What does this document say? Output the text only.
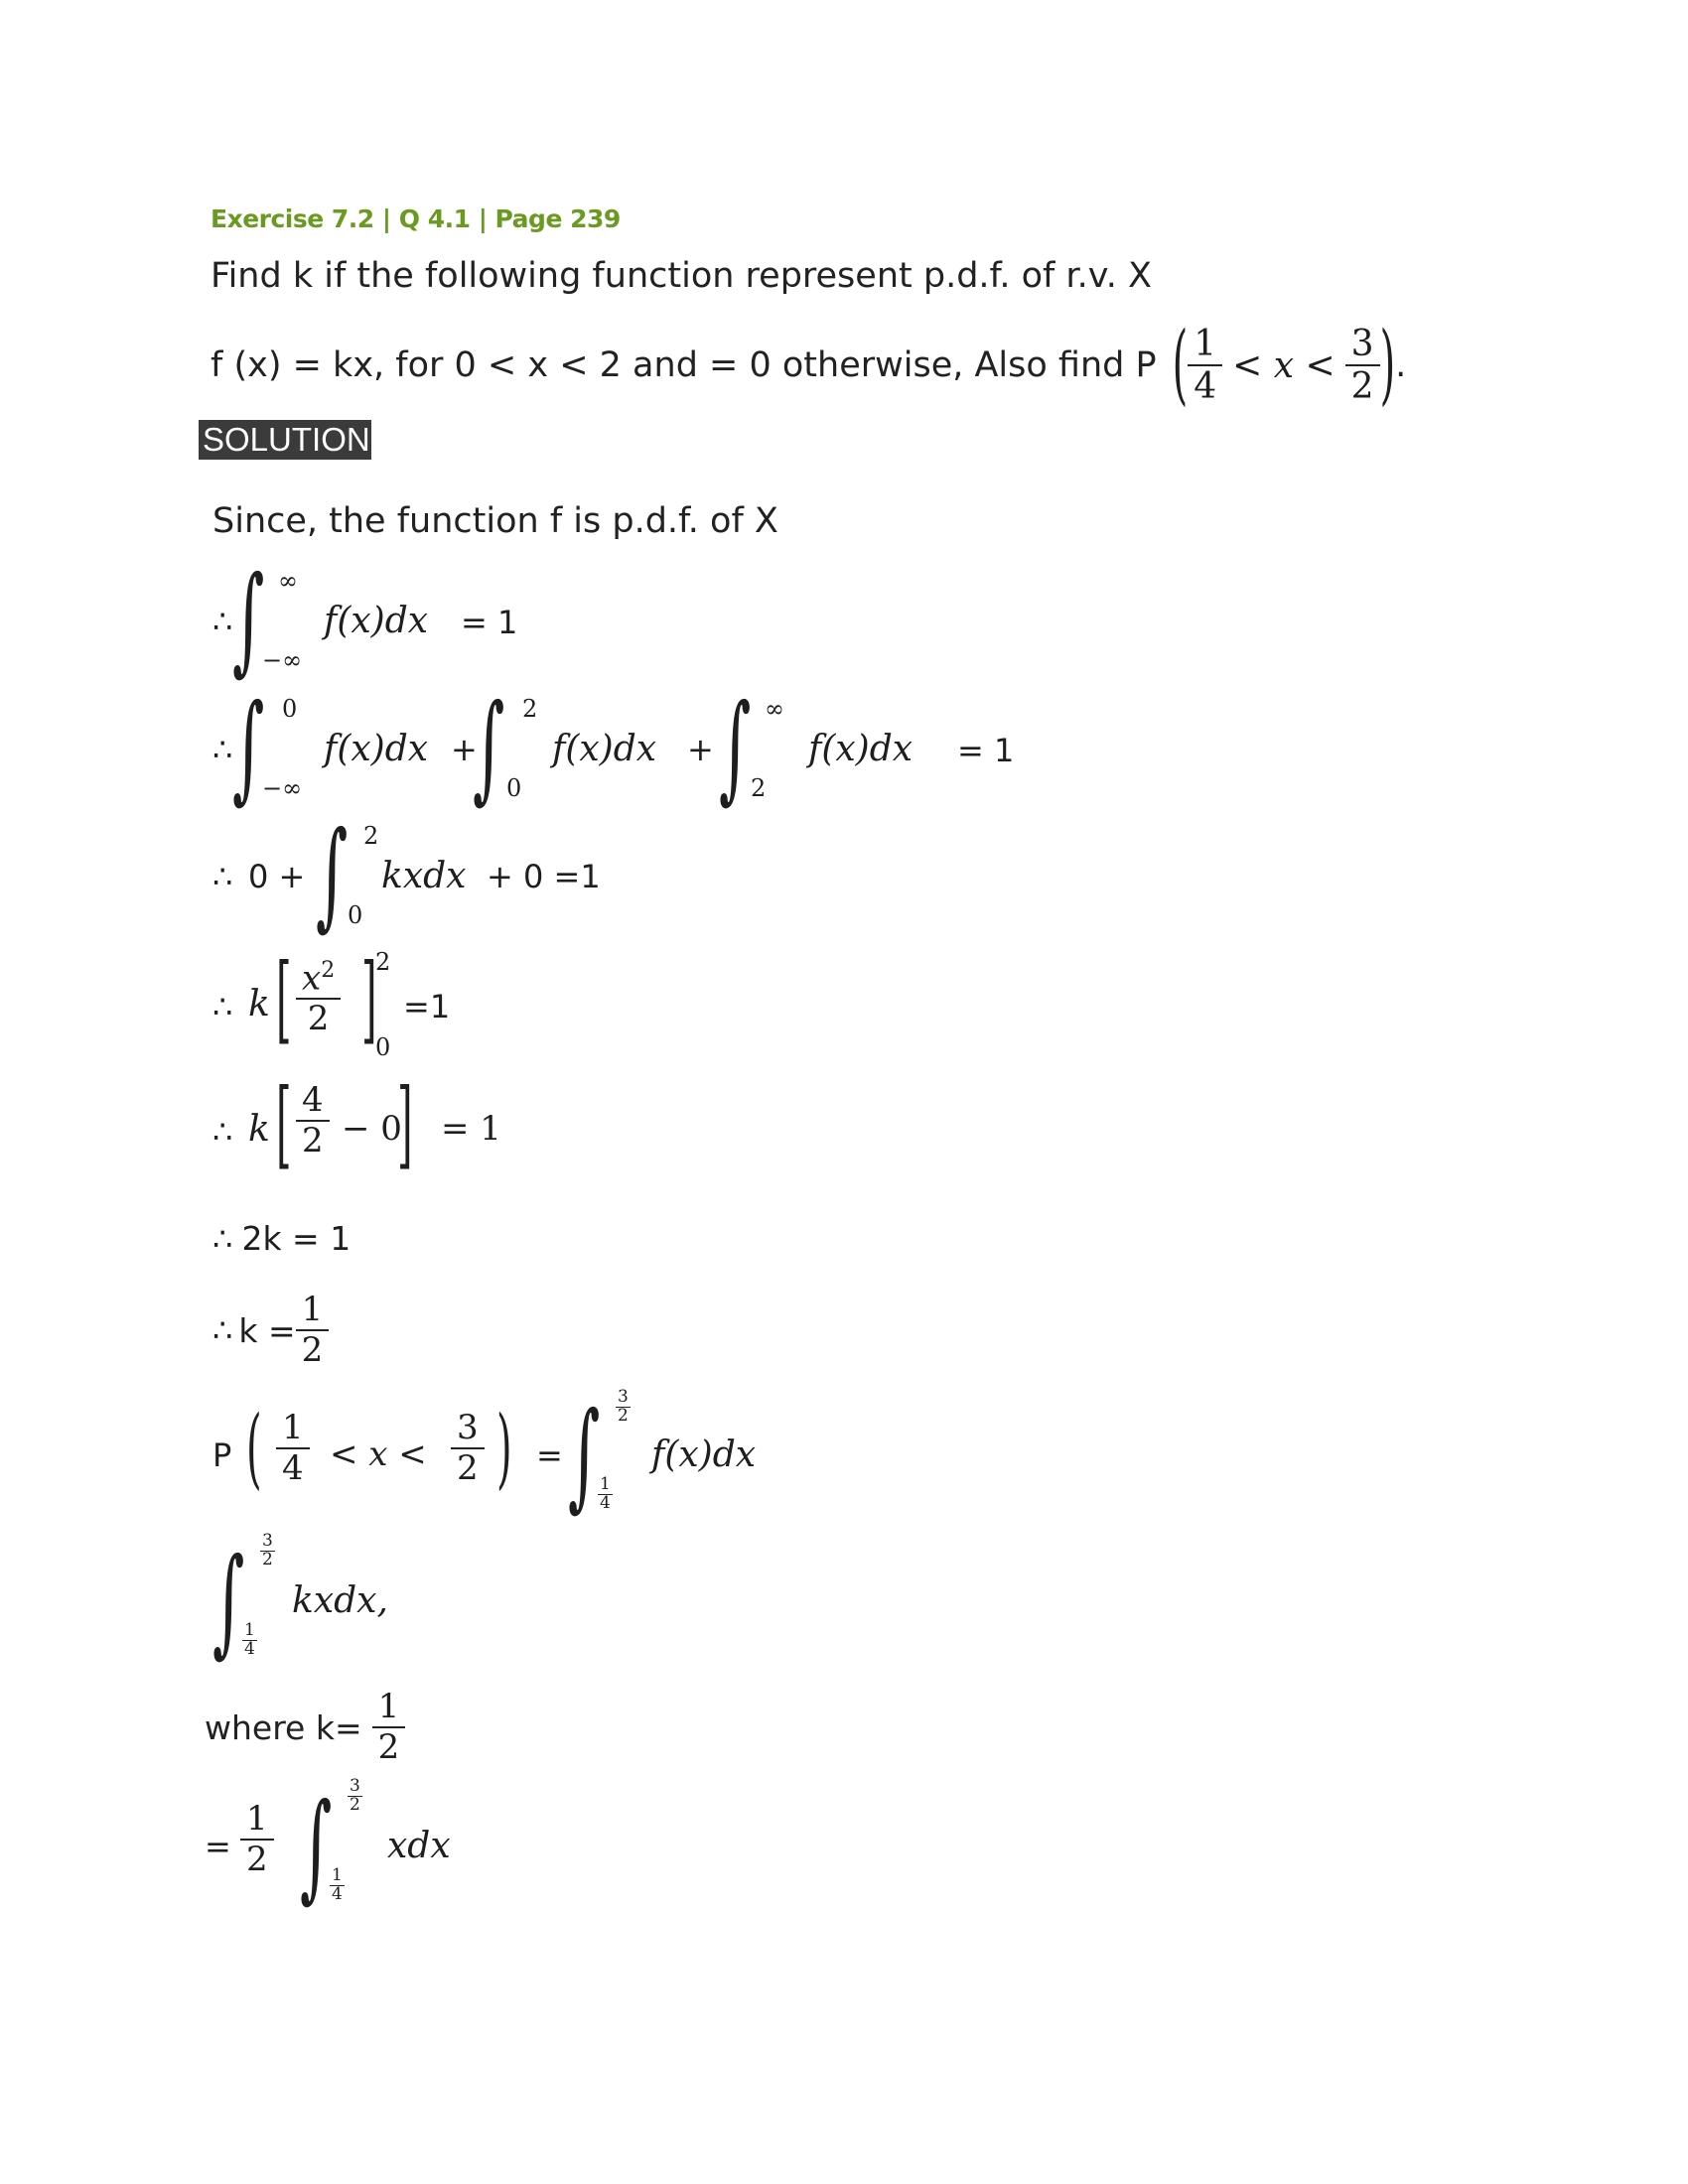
Exercise 7.2 | Q 4.1 | Page 239
Find k if the following function represent p.d.f. of r.v. X
f (x) = kx, for 0 < x < 2 and = 0 otherwise, Also find P ( $\frac{1}{4} < x < \frac{3}{2}$ ) .
SOLUTION
Since, the function f is p.d.f. of X
∴ ∫ ∞
−∞
f(x)dx = 1
∴ ∫ 0
−∞
f(x)dx +
∫ 2
0
f(x)dx + ∫ ∞
2
f(x)dx = 1
∴ 0 + ∫ 2
0
kxdx + 0 =1
∴ k [ $\frac{x^2}{2}$ ]
2
0
=1
∴ k [ $\frac{4}{2} - 0$
] = 1
∴ 2k = 1
∴ $k = \frac{1}{2}$
P ( $\frac{1}{4} < x < \frac{3}{2}$ ) = ∫ $\frac{3}{2}$
$\frac{1}{4}$
f(x)dx
∫ $\frac{3}{2}$
$\frac{1}{4}$
kxdx,
where $k= \frac{1}{2}$
= $\frac{1}{2}$ ∫ $\frac{3}{2}$
$\frac{1}{4}$
xdx
